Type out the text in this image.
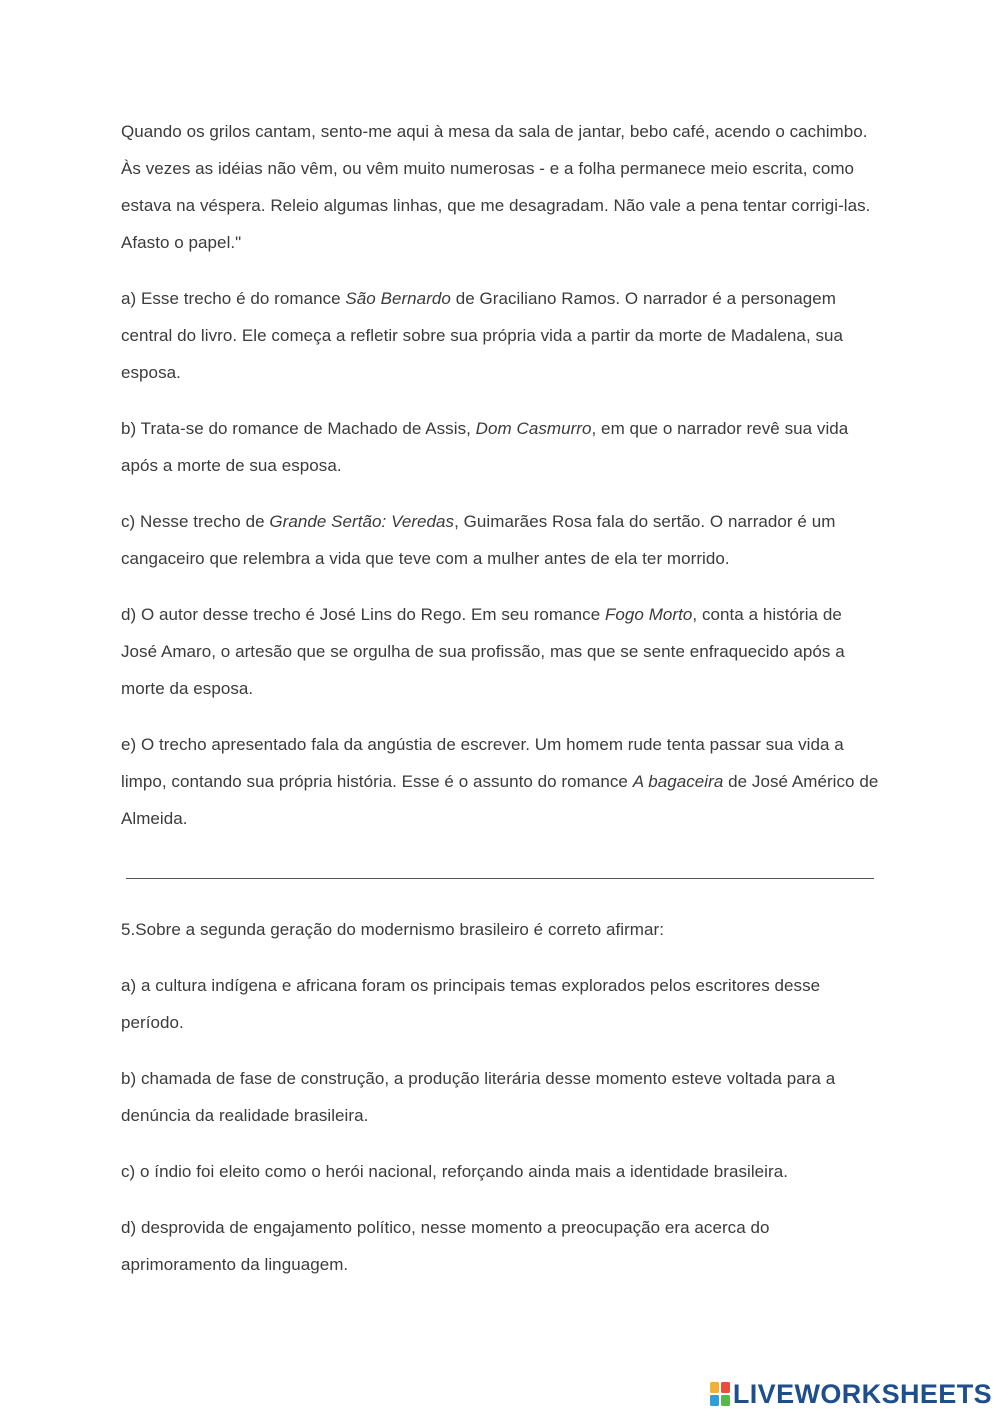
Quando os grilos cantam, sento-me aqui à mesa da sala de jantar, bebo café, acendo o cachimbo. Às vezes as idéias não vêm, ou vêm muito numerosas - e a folha permanece meio escrita, como estava na véspera. Releio algumas linhas, que me desagradam. Não vale a pena tentar corrigi-las. Afasto o papel."

a) Esse trecho é do romance São Bernardo de Graciliano Ramos. O narrador é a personagem central do livro. Ele começa a refletir sobre sua própria vida a partir da morte de Madalena, sua esposa.

b) Trata-se do romance de Machado de Assis, Dom Casmurro, em que o narrador revê sua vida após a morte de sua esposa.

c) Nesse trecho de Grande Sertão: Veredas, Guimarães Rosa fala do sertão. O narrador é um cangaceiro que relembra a vida que teve com a mulher antes de ela ter morrido.

d) O autor desse trecho é José Lins do Rego. Em seu romance Fogo Morto, conta a história de José Amaro, o artesão que se orgulha de sua profissão, mas que se sente enfraquecido após a morte da esposa.

e) O trecho apresentado fala da angústia de escrever. Um homem rude tenta passar sua vida a limpo, contando sua própria história. Esse é o assunto do romance A bagaceira de José Américo de Almeida.

5.Sobre a segunda geração do modernismo brasileiro é correto afirmar:

a) a cultura indígena e africana foram os principais temas explorados pelos escritores desse período.

b) chamada de fase de construção, a produção literária desse momento esteve voltada para a denúncia da realidade brasileira.

c) o índio foi eleito como o herói nacional, reforçando ainda mais a identidade brasileira.

d) desprovida de engajamento político, nesse momento a preocupação era acerca do aprimoramento da linguagem.

LIVEWORKSHEETS
